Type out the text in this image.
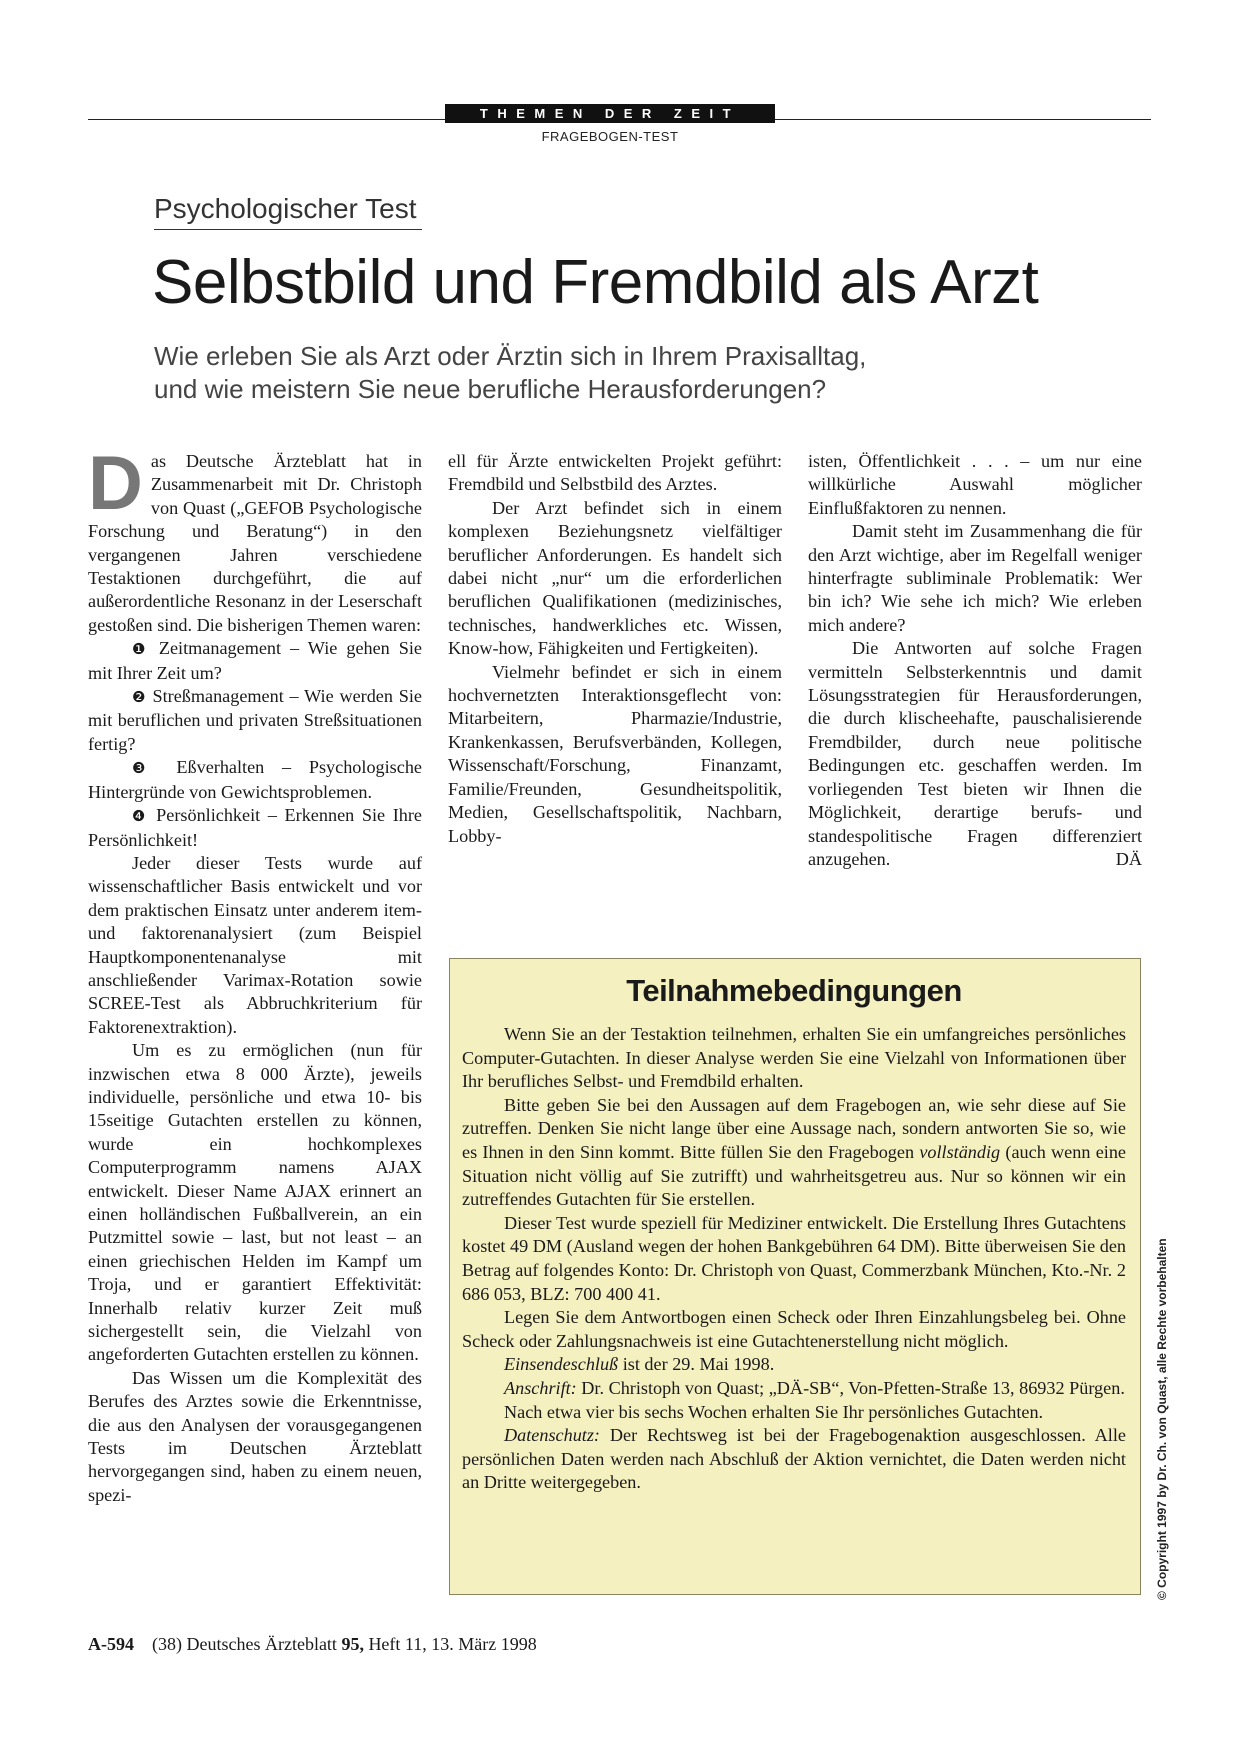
THEMEN DER ZEIT
FRAGEBOGEN-TEST
Psychologischer Test
Selbstbild und Fremdbild als Arzt
Wie erleben Sie als Arzt oder Ärztin sich in Ihrem Praxisalltag,
und wie meistern Sie neue berufliche Herausforderungen?

Das Deutsche Ärzteblatt hat in Zusammenarbeit mit Dr. Christoph von Quast („GEFOB Psychologische Forschung und Beratung“) in den vergangenen Jahren verschiedene Testaktionen durchgeführt, die auf außerordentliche Resonanz in der Leserschaft gestoßen sind. Die bisherigen Themen waren:

❶ Zeitmanagement – Wie gehen Sie mit Ihrer Zeit um?

❷ Streßmanagement – Wie werden Sie mit beruflichen und privaten Streßsituationen fertig?

❸ Eßverhalten – Psychologische Hintergründe von Gewichtsproblemen.

❹ Persönlichkeit – Erkennen Sie Ihre Persönlichkeit!

Jeder dieser Tests wurde auf wissenschaftlicher Basis entwickelt und vor dem praktischen Einsatz unter anderem item- und faktorenanalysiert (zum Beispiel Hauptkomponentenanalyse mit anschließender Varimax-Rotation sowie SCREE-Test als Abbruchkriterium für Faktorenextraktion).

Um es zu ermöglichen (nun für inzwischen etwa 8 000 Ärzte), jeweils individuelle, persönliche und etwa 10- bis 15seitige Gutachten erstellen zu können, wurde ein hochkomplexes Computerprogramm namens AJAX entwickelt. Dieser Name AJAX erinnert an einen holländischen Fußballverein, an ein Putzmittel sowie – last, but not least – an einen griechischen Helden im Kampf um Troja, und er garantiert Effektivität: Innerhalb relativ kurzer Zeit muß sichergestellt sein, die Vielzahl von angeforderten Gutachten erstellen zu können.

Das Wissen um die Komplexität des Berufes des Arztes sowie die Erkenntnisse, die aus den Analysen der vorausgegangenen Tests im Deutschen Ärzteblatt hervorgegangen sind, haben zu einem neuen, spezi-

ell für Ärzte entwickelten Projekt geführt: Fremdbild und Selbstbild des Arztes.

Der Arzt befindet sich in einem komplexen Beziehungsnetz vielfältiger beruflicher Anforderungen. Es handelt sich dabei nicht „nur“ um die erforderlichen beruflichen Qualifikationen (medizinisches, technisches, handwerkliches etc. Wissen, Know-how, Fähigkeiten und Fertigkeiten).

Vielmehr befindet er sich in einem hochvernetzten Interaktionsgeflecht von: Mitarbeitern, Pharmazie/Industrie, Krankenkassen, Berufsverbänden, Kollegen, Wissenschaft/Forschung, Finanzamt, Familie/Freunden, Gesundheitspolitik, Medien, Gesellschaftspolitik, Nachbarn, Lobby-

isten, Öffentlichkeit . . . – um nur eine willkürliche Auswahl möglicher Einflußfaktoren zu nennen.

Damit steht im Zusammenhang die für den Arzt wichtige, aber im Regelfall weniger hinterfragte subliminale Problematik: Wer bin ich? Wie sehe ich mich? Wie erleben mich andere?

Die Antworten auf solche Fragen vermitteln Selbsterkenntnis und damit Lösungsstrategien für Herausforderungen, die durch klischeehafte, pauschalisierende Fremdbilder, durch neue politische Bedingungen etc. geschaffen werden. Im vorliegenden Test bieten wir Ihnen die Möglichkeit, derartige berufs- und standespolitische Fragen differenziert anzugehen.	DÄ

Teilnahmebedingungen

Wenn Sie an der Testaktion teilnehmen, erhalten Sie ein umfangreiches persönliches Computer-Gutachten. In dieser Analyse werden Sie eine Vielzahl von Informationen über Ihr berufliches Selbst- und Fremdbild erhalten.

Bitte geben Sie bei den Aussagen auf dem Fragebogen an, wie sehr diese auf Sie zutreffen. Denken Sie nicht lange über eine Aussage nach, sondern antworten Sie so, wie es Ihnen in den Sinn kommt. Bitte füllen Sie den Fragebogen vollständig (auch wenn eine Situation nicht völlig auf Sie zutrifft) und wahrheitsgetreu aus. Nur so können wir ein zutreffendes Gutachten für Sie erstellen.

Dieser Test wurde speziell für Mediziner entwickelt. Die Erstellung Ihres Gutachtens kostet 49 DM (Ausland wegen der hohen Bankgebühren 64 DM). Bitte überweisen Sie den Betrag auf folgendes Konto: Dr. Christoph von Quast, Commerzbank München, Kto.-Nr. 2 686 053, BLZ: 700 400 41.

Legen Sie dem Antwortbogen einen Scheck oder Ihren Einzahlungsbeleg bei. Ohne Scheck oder Zahlungsnachweis ist eine Gutachtenerstellung nicht möglich.

Einsendeschluß ist der 29. Mai 1998.

Anschrift: Dr. Christoph von Quast; „DÄ-SB“, Von-Pfetten-Straße 13, 86932 Pürgen.

Nach etwa vier bis sechs Wochen erhalten Sie Ihr persönliches Gutachten.

Datenschutz: Der Rechtsweg ist bei der Fragebogenaktion ausgeschlossen. Alle persönlichen Daten werden nach Abschluß der Aktion vernichtet, die Daten werden nicht an Dritte weitergegeben.	© Copyright 1997 by Dr. Ch. von Quast, alle Rechte vorbehalten
A-594 (38) Deutsches Ärzteblatt 95, Heft 11, 13. März 1998
